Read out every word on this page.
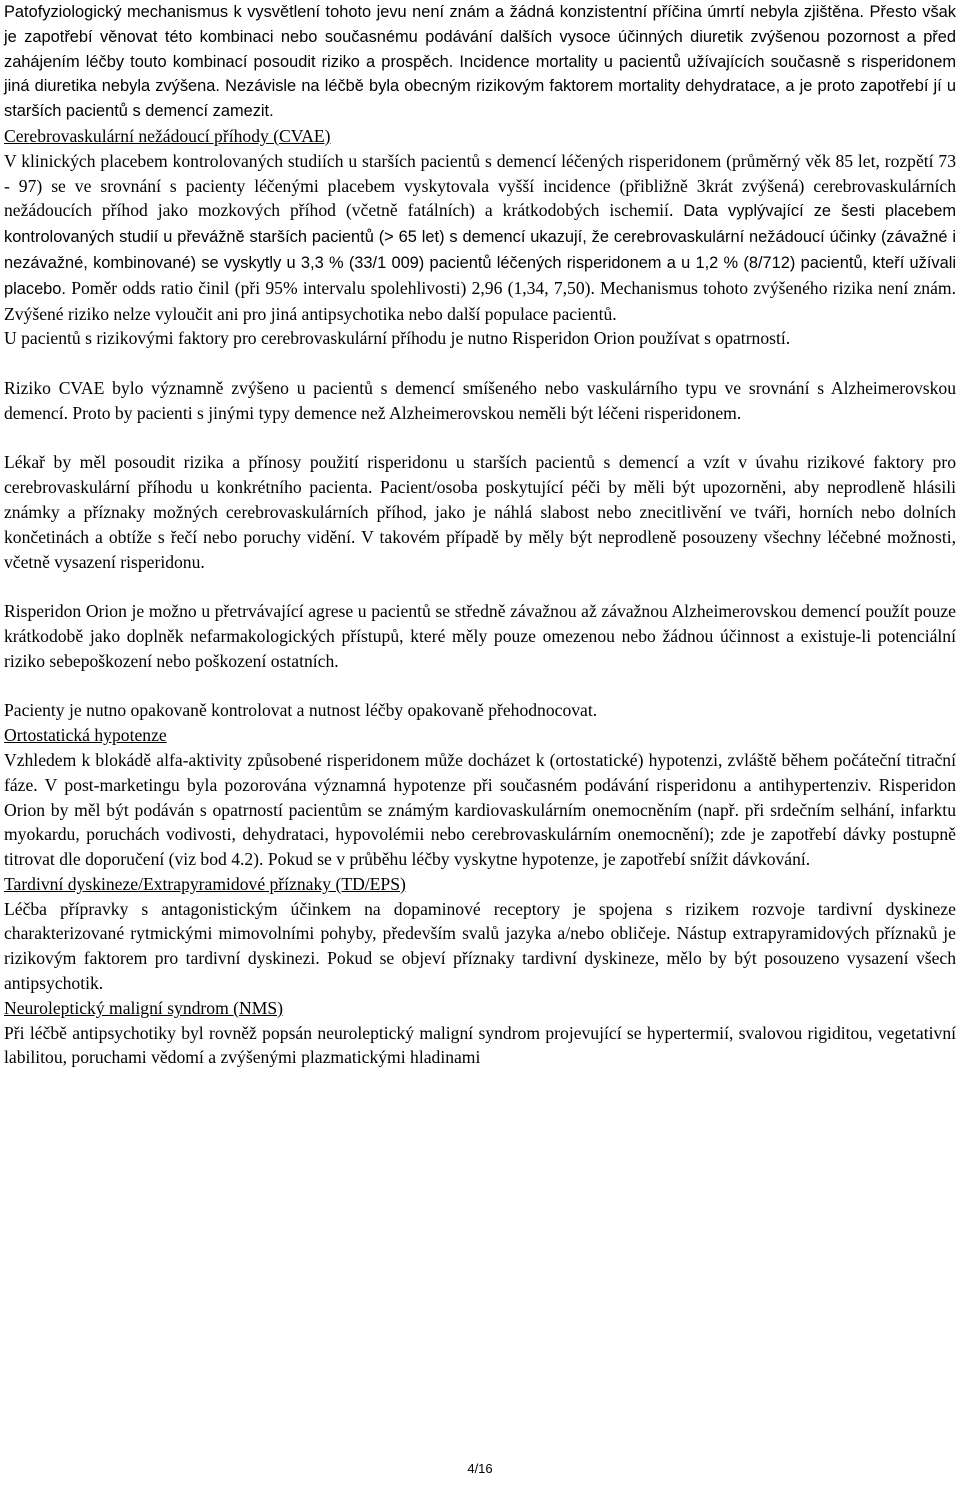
Patofyziologický mechanismus k vysvětlení tohoto jevu není znám a žádná konzistentní příčina úmrtí nebyla zjištěna. Přesto však je zapotřebí věnovat této kombinaci nebo současnému podávání dalších vysoce účinných diuretik zvýšenou pozornost a před zahájením léčby touto kombinací posoudit riziko a prospěch. Incidence mortality u pacientů užívajících současně s risperidonem jiná diuretika nebyla zvýšena. Nezávisle na léčbě byla obecným rizikovým faktorem mortality dehydratace, a je proto zapotřebí jí u starších pacientů s demencí zamezit.

Cerebrovaskulární nežádoucí příhody (CVAE)

V klinických placebem kontrolovaných studiích u starších pacientů s demencí léčených risperidonem (průměrný věk 85 let, rozpětí 73 - 97) se ve srovnání s pacienty léčenými placebem vyskytovala vyšší incidence (přibližně 3krát zvýšená) cerebrovaskulárních nežádoucích příhod jako mozkových příhod (včetně fatálních) a krátkodobých ischemií. Data vyplývající ze šesti placebem kontrolovaných studií u převážně starších pacientů (> 65 let) s demencí ukazují, že cerebrovaskulární nežádoucí účinky (závažné i nezávažné, kombinované) se vyskytly u 3,3 % (33/1 009) pacientů léčených risperidonem a u 1,2 % (8/712) pacientů, kteří užívali placebo. Poměr odds ratio činil (při 95% intervalu spolehlivosti) 2,96 (1,34, 7,50). Mechanismus tohoto zvýšeného rizika není znám. Zvýšené riziko nelze vyloučit ani pro jiná antipsychotika nebo další populace pacientů.

U pacientů s rizikovými faktory pro cerebrovaskulární příhodu je nutno Risperidon Orion používat s opatrností.

Riziko CVAE bylo významně zvýšeno u pacientů s demencí smíšeného nebo vaskulárního typu ve srovnání s Alzheimerovskou demencí. Proto by pacienti s jinými typy demence než Alzheimerovskou neměli být léčeni risperidonem.

Lékař by měl posoudit rizika a přínosy použití risperidonu u starších pacientů s demencí a vzít v úvahu rizikové faktory pro cerebrovaskulární příhodu u konkrétního pacienta. Pacient/osoba poskytující péči by měli být upozorněni, aby neprodleně hlásili známky a příznaky možných cerebrovaskulárních příhod, jako je náhlá slabost nebo znecitlivění ve tváři, horních nebo dolních končetinách a obtíže s řečí nebo poruchy vidění. V takovém případě by měly být neprodleně posouzeny všechny léčebné možnosti, včetně vysazení risperidonu.

Risperidon Orion je možno u přetrvávající agrese u pacientů se středně závažnou až závažnou Alzheimerovskou demencí použít pouze krátkodobě jako doplněk nefarmakologických přístupů, které měly pouze omezenou nebo žádnou účinnost a existuje-li potenciální riziko sebepoškození nebo poškození ostatních.

Pacienty je nutno opakovaně kontrolovat a nutnost léčby opakovaně přehodnocovat.

Ortostatická hypotenze

Vzhledem k blokádě alfa-aktivity způsobené risperidonem může docházet k (ortostatické) hypotenzi, zvláště během počáteční titrační fáze. V post-marketingu byla pozorována významná hypotenze při současném podávání risperidonu a antihypertenziv. Risperidon Orion by měl být podáván s opatrností pacientům se známým kardiovaskulárním onemocněním (např. při srdečním selhání, infarktu myokardu, poruchách vodivosti, dehydrataci, hypovolémii nebo cerebrovaskulárním onemocnění); zde je zapotřebí dávky postupně titrovat dle doporučení (viz bod 4.2). Pokud se v průběhu léčby vyskytne hypotenze, je zapotřebí snížit dávkování.

Tardivní dyskineze/Extrapyramidové příznaky (TD/EPS)

Léčba přípravky s antagonistickým účinkem na dopaminové receptory je spojena s rizikem rozvoje tardivní dyskineze charakterizované rytmickými mimovolními pohyby, především svalů jazyka a/nebo obličeje. Nástup extrapyramidových příznaků je rizikovým faktorem pro tardivní dyskinezi. Pokud se objeví příznaky tardivní dyskineze, mělo by být posouzeno vysazení všech antipsychotik.

Neuroleptický maligní syndrom (NMS)

Při léčbě antipsychotiky byl rovněž popsán neuroleptický maligní syndrom projevující se hypertermií, svalovou rigiditou, vegetativní labilitou, poruchami vědomí a zvýšenými plazmatickými hladinami

4/16
